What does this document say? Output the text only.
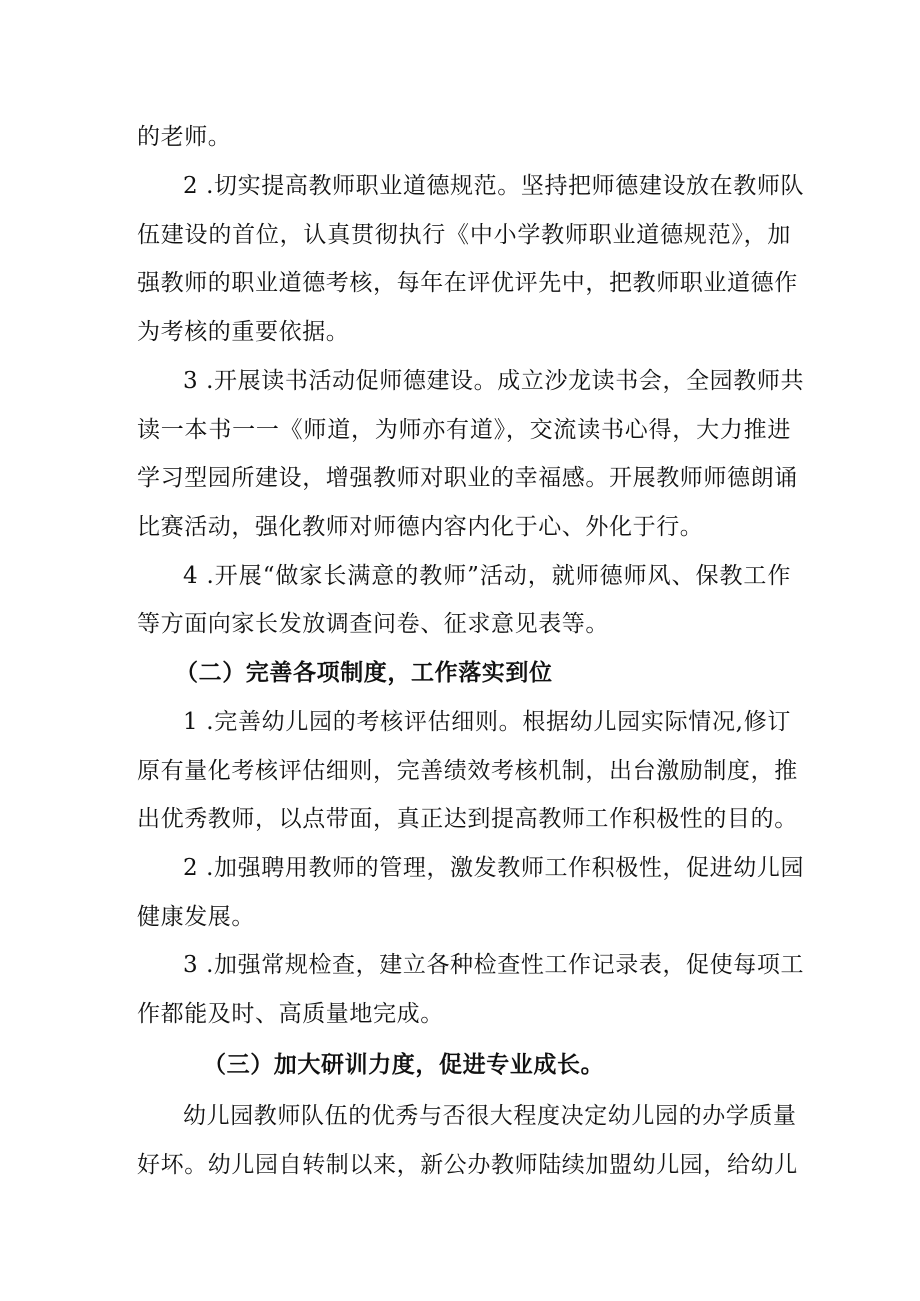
的老师。
2 .切实提高教师职业道德规范。坚持把师德建设放在教师队
伍建设的首位，认真贯彻执行《中小学教师职业道德规范》，加
强教师的职业道德考核，每年在评优评先中，把教师职业道德作
为考核的重要依据。
3 .开展读书活动促师德建设。成立沙龙读书会，全园教师共
读一本书一一《师道，为师亦有道》，交流读书心得，大力推进
学习型园所建设，增强教师对职业的幸福感。开展教师师德朗诵
比赛活动，强化教师对师德内容内化于心、外化于行。
4 .开展“做家长满意的教师”活动，就师德师风、保教工作
等方面向家长发放调查问卷、征求意见表等。
（二）完善各项制度，工作落实到位
1 .完善幼儿园的考核评估细则。根据幼儿园实际情况,修订
原有量化考核评估细则，完善绩效考核机制，出台激励制度，推
出优秀教师，以点带面，真正达到提高教师工作积极性的目的。
2 .加强聘用教师的管理，激发教师工作积极性，促进幼儿园
健康发展。
3 .加强常规检查，建立各种检查性工作记录表，促使每项工
作都能及时、高质量地完成。
（三）加大研训力度，促进专业成长。
幼儿园教师队伍的优秀与否很大程度决定幼儿园的办学质量
好坏。幼儿园自转制以来，新公办教师陆续加盟幼儿园，给幼儿
